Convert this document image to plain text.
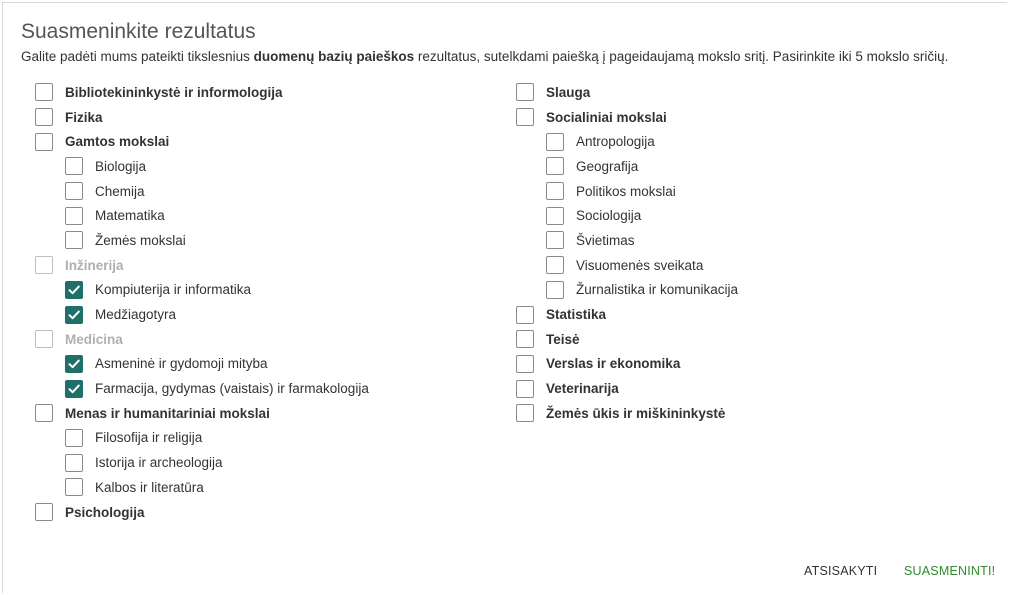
Suasmeninkite rezultatus
Galite padėti mums pateikti tikslesnius duomenų bazių paieškos rezultatus, sutelkdami paiešką į pageidaujamą mokslo sritį. Pasirinkite iki 5 mokslo sričių.
Bibliotekininkystė ir informologija
Fizika
Gamtos mokslai
Biologija
Chemija
Matematika
Žemės mokslai
Inžinerija
Kompiuterija ir informatika
Medžiagotyra
Medicina
Asmeninė ir gydomoji mityba
Farmacija, gydymas (vaistais) ir farmakologija
Menas ir humanitariniai mokslai
Filosofija ir religija
Istorija ir archeologija
Kalbos ir literatūra
Psichologija
Slauga
Socialiniai mokslai
Antropologija
Geografija
Politikos mokslai
Sociologija
Švietimas
Visuomenės sveikata
Žurnalistika ir komunikacija
Statistika
Teisė
Verslas ir ekonomika
Veterinarija
Žemės ūkis ir miškininkystė
ATSISAKYTI SUASMENINTI!
